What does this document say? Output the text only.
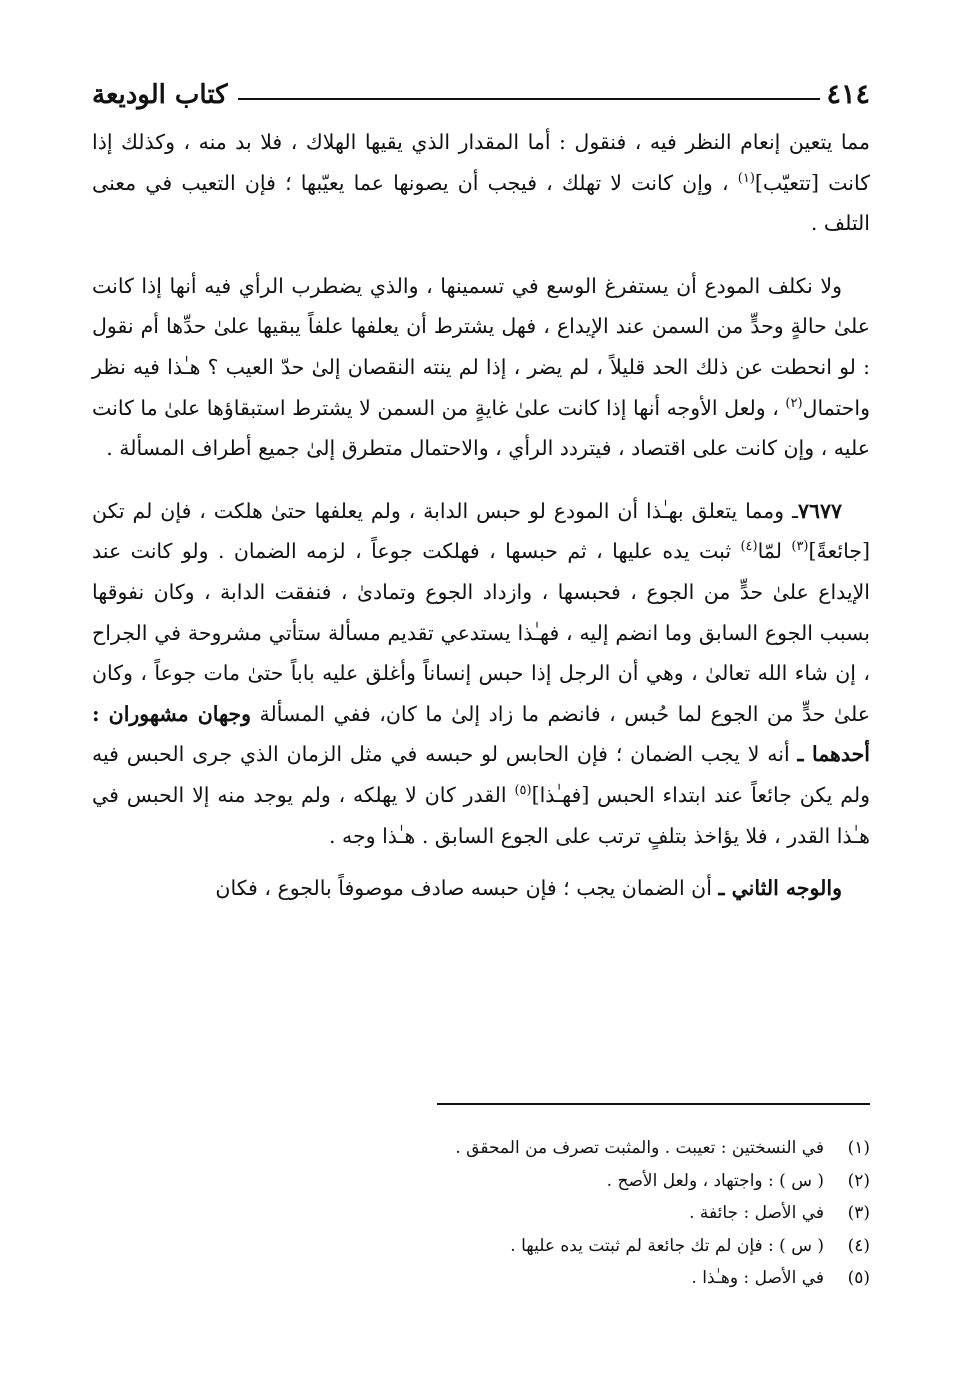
٤١٤
كتاب الوديعة

مما يتعين إنعام النظر فيه ، فنقول : أما المقدار الذي يقيها الهلاك ، فلا بد منه ، وكذلك إذا كانت [تتعيّب]$^{(١)}$ ، وإن كانت لا تهلك ، فيجب أن يصونها عما يعيّبها ؛ فإن التعيب في معنى التلف .

ولا نكلف المودع أن يستفرغ الوسع في تسمينها ، والذي يضطرب الرأي فيه أنها إذا كانت علىٰ حالةٍ وحدٍّ من السمن عند الإيداع ، فهل يشترط أن يعلفها علفاً يبقيها علىٰ حدِّها أم نقول : لو انحطت عن ذلك الحد قليلاً ، لم يضر ، إذا لم ينته النقصان إلىٰ حدّ العيب ؟ هـٰذا فيه نظر واحتمال$^{(٢)}$ ، ولعل الأوجه أنها إذا كانت علىٰ غايةٍ من السمن لا يشترط استبقاؤها علىٰ ما كانت عليه ، وإن كانت على اقتصاد ، فيتردد الرأي ، والاحتمال متطرق إلىٰ جميع أطراف المسألة .

٧٦٧٧ـ ومما يتعلق بهـٰذا أن المودع لو حبس الدابة ، ولم يعلفها حتىٰ هلكت ، فإن لم تكن [جائعةً]$^{(٣)}$ لمّا$^{(٤)}$ ثبت يده عليها ، ثم حبسها ، فهلكت جوعاً ، لزمه الضمان . ولو كانت عند الإيداع علىٰ حدٍّ من الجوع ، فحبسها ، وازداد الجوع وتمادىٰ ، فنفقت الدابة ، وكان نفوقها بسبب الجوع السابق وما انضم إليه ، فهـٰذا يستدعي تقديم مسألة ستأتي مشروحة في الجراح ، إن شاء الله تعالىٰ ، وهي أن الرجل إذا حبس إنساناً وأغلق عليه باباً حتىٰ مات جوعاً ، وكان علىٰ حدٍّ من الجوع لما حُبس ، فانضم ما زاد إلىٰ ما كان، ففي المسألة وجهان مشهوران : أحدهما ـ أنه لا يجب الضمان ؛ فإن الحابس لو حبسه في مثل الزمان الذي جرى الحبس فيه ولم يكن جائعاً عند ابتداء الحبس [فهـٰذا]$^{(٥)}$ القدر كان لا يهلكه ، ولم يوجد منه إلا الحبس في هـٰذا القدر ، فلا يؤاخذ بتلفٍ ترتب على الجوع السابق . هـٰذا وجه .

والوجه الثاني ـ أن الضمان يجب ؛ فإن حبسه صادف موصوفاً بالجوع ، فكان

(١)
في النسختين : تعيبت . والمثبت تصرف من المحقق .
(٢)
( س ) : واجتهاد ، ولعل الأصح .
(٣)
في الأصل : جائفة .
(٤)
( س ) : فإن لم تك جائعة لم ثبتت يده عليها .
(٥)
في الأصل : وهـٰذا .
